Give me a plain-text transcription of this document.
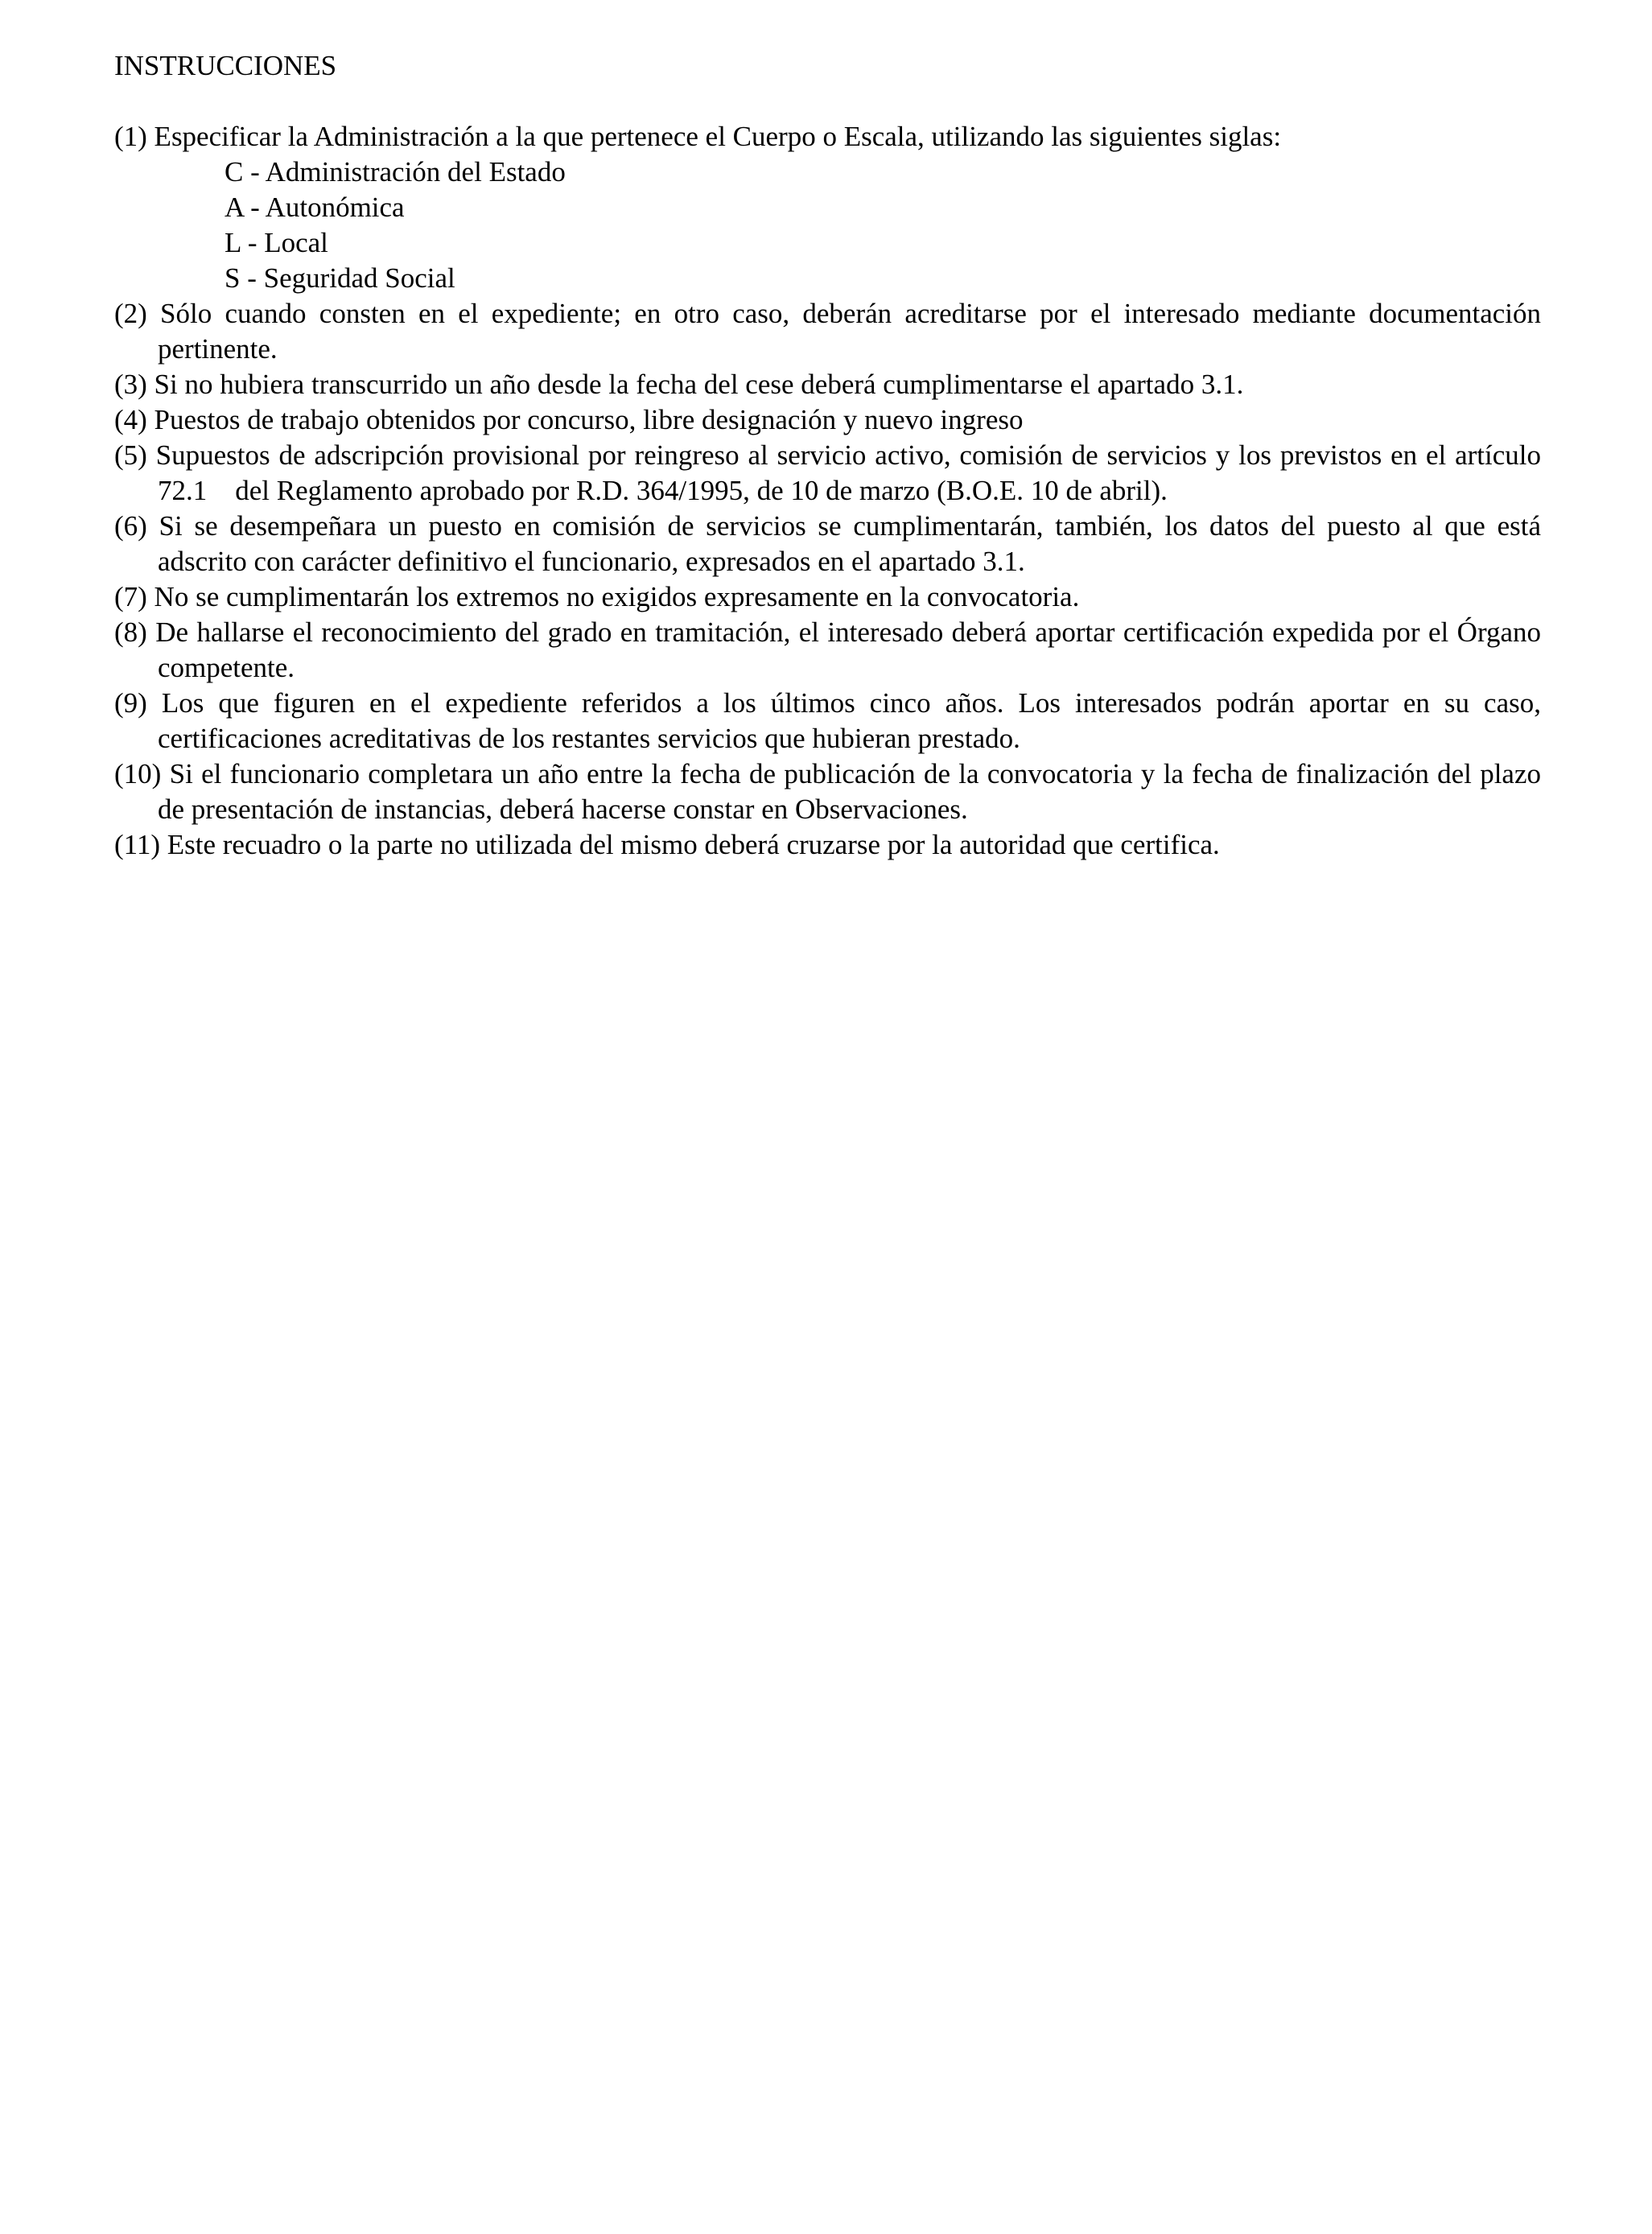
INSTRUCCIONES

(1) Especificar la Administración a la que pertenece el Cuerpo o Escala, utilizando las siguientes siglas:

C - Administración del Estado
A - Autonómica
L - Local
S - Seguridad Social

(2) Sólo cuando consten en el expediente; en otro caso, deberán acreditarse por el interesado mediante documentación pertinente.

(3) Si no hubiera transcurrido un año desde la fecha del cese deberá cumplimentarse el apartado 3.1.

(4) Puestos de trabajo obtenidos por concurso, libre designación y nuevo ingreso

(5) Supuestos de adscripción provisional por reingreso al servicio activo, comisión de servicios y los previstos en el artículo 72.1    del Reglamento aprobado por R.D. 364/1995, de 10 de marzo (B.O.E. 10 de abril).

(6) Si se desempeñara un puesto en comisión de servicios se cumplimentarán, también, los datos del puesto al que está adscrito con carácter definitivo el funcionario, expresados en el apartado 3.1.

(7) No se cumplimentarán los extremos no exigidos expresamente en la convocatoria.

(8) De hallarse el reconocimiento del grado en tramitación, el interesado deberá aportar certificación expedida por el Órgano competente.

(9) Los que figuren en el expediente referidos a los últimos cinco años. Los interesados podrán aportar en su caso, certificaciones acreditativas de los restantes servicios que hubieran prestado.

(10) Si el funcionario completara un año entre la fecha de publicación de la convocatoria y la fecha de finalización del plazo de presentación de instancias, deberá hacerse constar en Observaciones.

(11) Este recuadro o la parte no utilizada del mismo deberá cruzarse por la autoridad que certifica.
